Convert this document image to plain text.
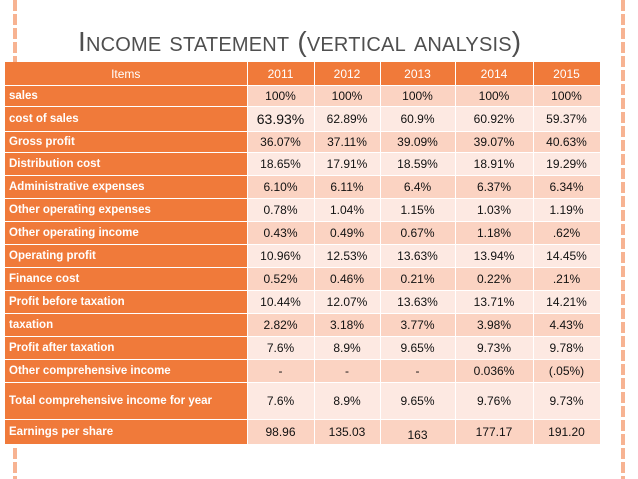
Income statement (vertical analysis)
Items	2011	2012	2013	2014	2015
sales	100%	100%	100%	100%	100%
cost of sales	63.93%	62.89%	60.9%	60.92%	59.37%
Gross profit	36.07%	37.11%	39.09%	39.07%	40.63%
Distribution cost	18.65%	17.91%	18.59%	18.91%	19.29%
Administrative expenses	6.10%	6.11%	6.4%	6.37%	6.34%
Other operating expenses	0.78%	1.04%	1.15%	1.03%	1.19%
Other operating income	0.43%	0.49%	0.67%	1.18%	.62%
Operating profit	10.96%	12.53%	13.63%	13.94%	14.45%
Finance cost	0.52%	0.46%	0.21%	0.22%	.21%
Profit before taxation	10.44%	12.07%	13.63%	13.71%	14.21%
taxation	2.82%	3.18%	3.77%	3.98%	4.43%
Profit after taxation	7.6%	8.9%	9.65%	9.73%	9.78%
Other comprehensive income	-	-	-	0.036%	(.05%)
Total comprehensive income for year	7.6%	8.9%	9.65%	9.76%	9.73%
Earnings per share	98.96	135.03	163	177.17	191.20
